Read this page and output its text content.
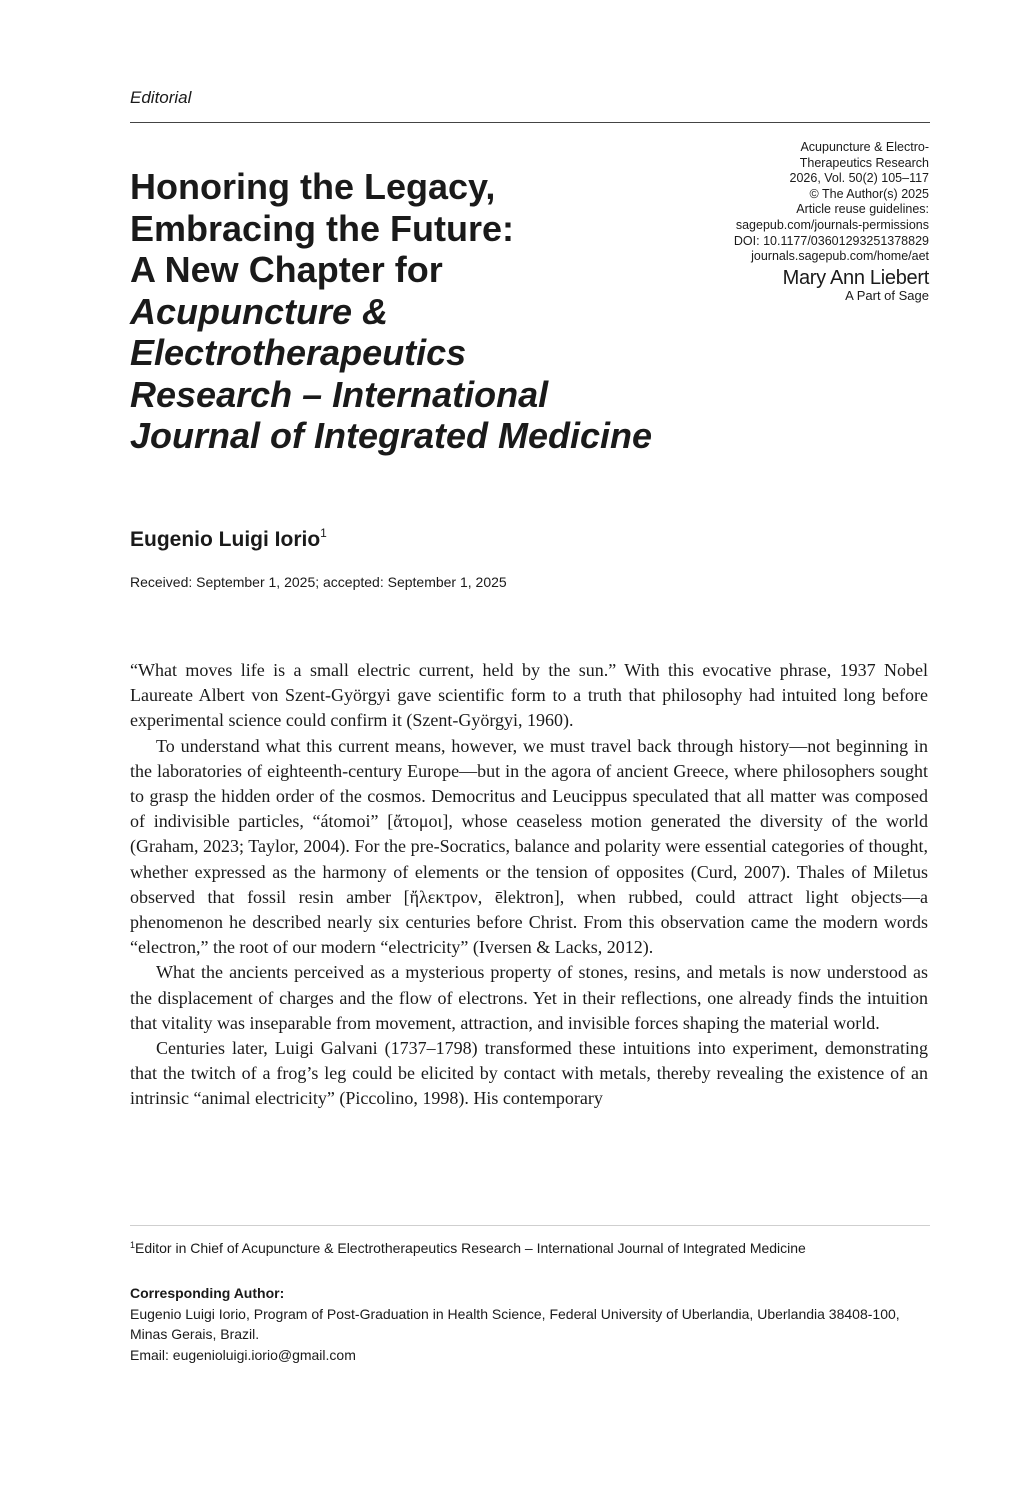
Editorial
Acupuncture & Electro-
Therapeutics Research
2026, Vol. 50(2) 105–117
© The Author(s) 2025
Article reuse guidelines:
sagepub.com/journals-permissions
DOI: 10.1177/03601293251378829
journals.sagepub.com/home/aet
Mary Ann Liebert
A Part of Sage
Honoring the Legacy,
Embracing the Future:
A New Chapter for
Acupuncture &
Electrotherapeutics
Research – International
Journal of Integrated Medicine
Eugenio Luigi Iorio$^1$
Received: September 1, 2025; accepted: September 1, 2025

“What moves life is a small electric current, held by the sun.” With this evocative phrase, 1937 Nobel Laureate Albert von Szent-Györgyi gave scientific form to a truth that philosophy had intuited long before experimental science could confirm it (Szent-Györgyi, 1960).

To understand what this current means, however, we must travel back through history—not beginning in the laboratories of eighteenth-century Europe—but in the agora of ancient Greece, where philosophers sought to grasp the hidden order of the cosmos. Democritus and Leucippus speculated that all matter was composed of indivisible particles, “átomoi” [ἄτομοι], whose ceaseless motion generated the diversity of the world (Graham, 2023; Taylor, 2004). For the pre-Socratics, balance and polarity were essential categories of thought, whether expressed as the harmony of elements or the tension of opposites (Curd, 2007). Thales of Miletus observed that fossil resin amber [ἤλεκτρον, ēlektron], when rubbed, could attract light objects—a phenomenon he described nearly six centuries before Christ. From this observation came the modern words “electron,” the root of our modern “electricity” (Iversen & Lacks, 2012).

What the ancients perceived as a mysterious property of stones, resins, and metals is now understood as the displacement of charges and the flow of electrons. Yet in their reflections, one already finds the intuition that vitality was inseparable from movement, attraction, and invisible forces shaping the material world.

Centuries later, Luigi Galvani (1737–1798) transformed these intuitions into experiment, demonstrating that the twitch of a frog’s leg could be elicited by contact with metals, thereby revealing the existence of an intrinsic “animal electricity” (Piccolino, 1998). His contemporary

$^1$Editor in Chief of Acupuncture & Electrotherapeutics Research – International Journal of Integrated Medicine
Corresponding Author:
Eugenio Luigi Iorio, Program of Post-Graduation in Health Science, Federal University of Uberlandia, Uberlandia 38408-100, Minas Gerais, Brazil.
Email: eugenioluigi.iorio@gmail.com
